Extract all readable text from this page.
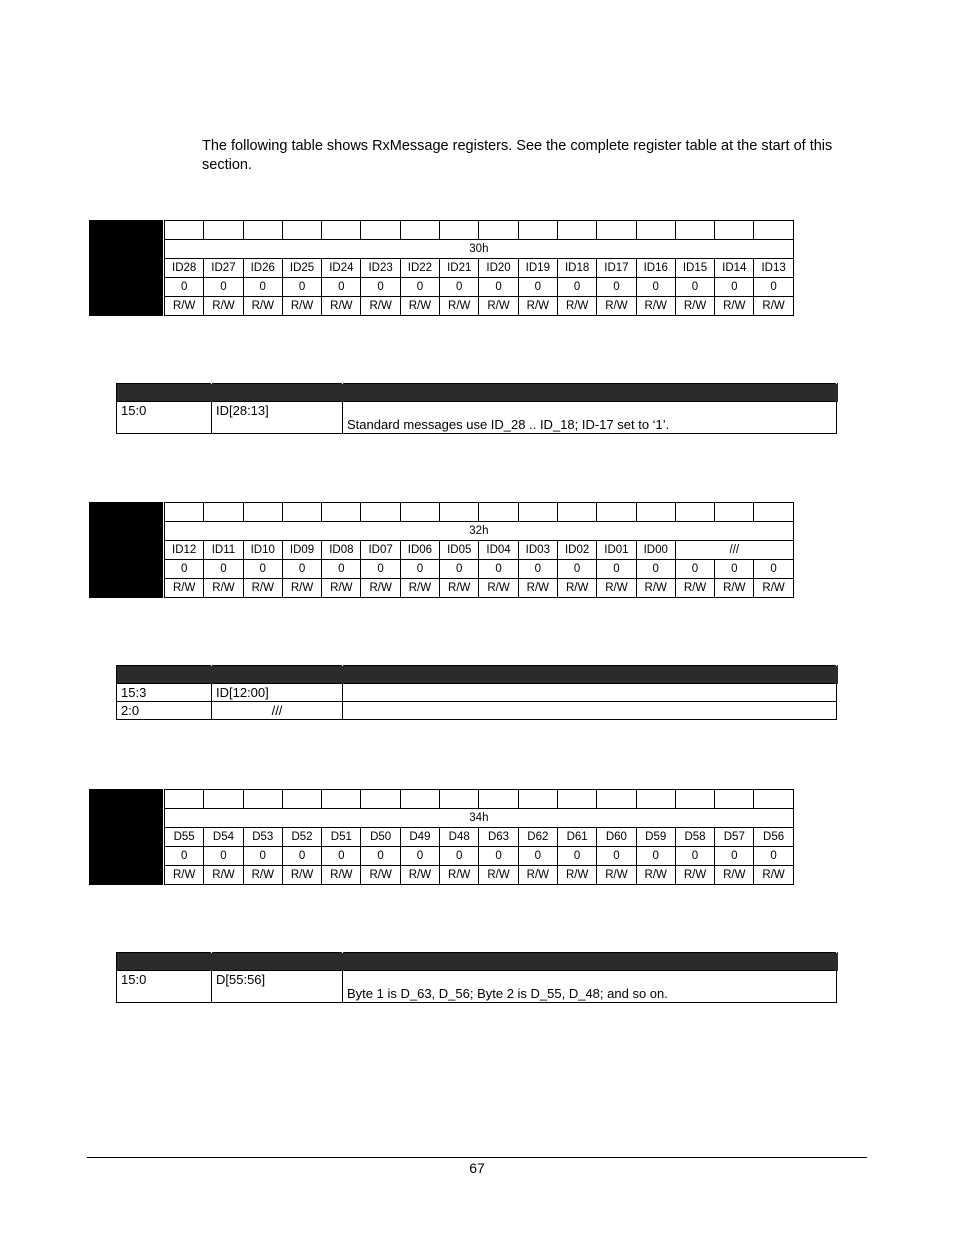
The following table shows RxMessage registers. See the complete register table at the start of this section.

	30h															
	ID28	ID27	ID26	ID25	ID24	ID23	ID22	ID21	ID20	ID19	ID18	ID17	ID16	ID15	ID14	ID13
	0	0	0	0	0	0	0	0	0	0	0	0	0	0	0	0
	R/W	R/W	R/W	R/W	R/W	R/W	R/W	R/W	R/W	R/W	R/W	R/W	R/W	R/W	R/W	R/W

15:0	ID[28:13]	Standard messages use ID_28 .. ID_18; ID-17 set to ‘1’.

	32h															
	ID12	ID11	ID10	ID09	ID08	ID07	ID06	ID05	ID04	ID03	ID02	ID01	ID00	///		
	0	0	0	0	0	0	0	0	0	0	0	0	0	0	0	0
	R/W	R/W	R/W	R/W	R/W	R/W	R/W	R/W	R/W	R/W	R/W	R/W	R/W	R/W	R/W	R/W

15:3	ID[12:00]	
2:0	///	

	34h															
	D55	D54	D53	D52	D51	D50	D49	D48	D63	D62	D61	D60	D59	D58	D57	D56
	0	0	0	0	0	0	0	0	0	0	0	0	0	0	0	0
	R/W	R/W	R/W	R/W	R/W	R/W	R/W	R/W	R/W	R/W	R/W	R/W	R/W	R/W	R/W	R/W

15:0	D[55:56]	Byte 1 is D_63, D_56; Byte 2 is D_55, D_48; and so on.
67
